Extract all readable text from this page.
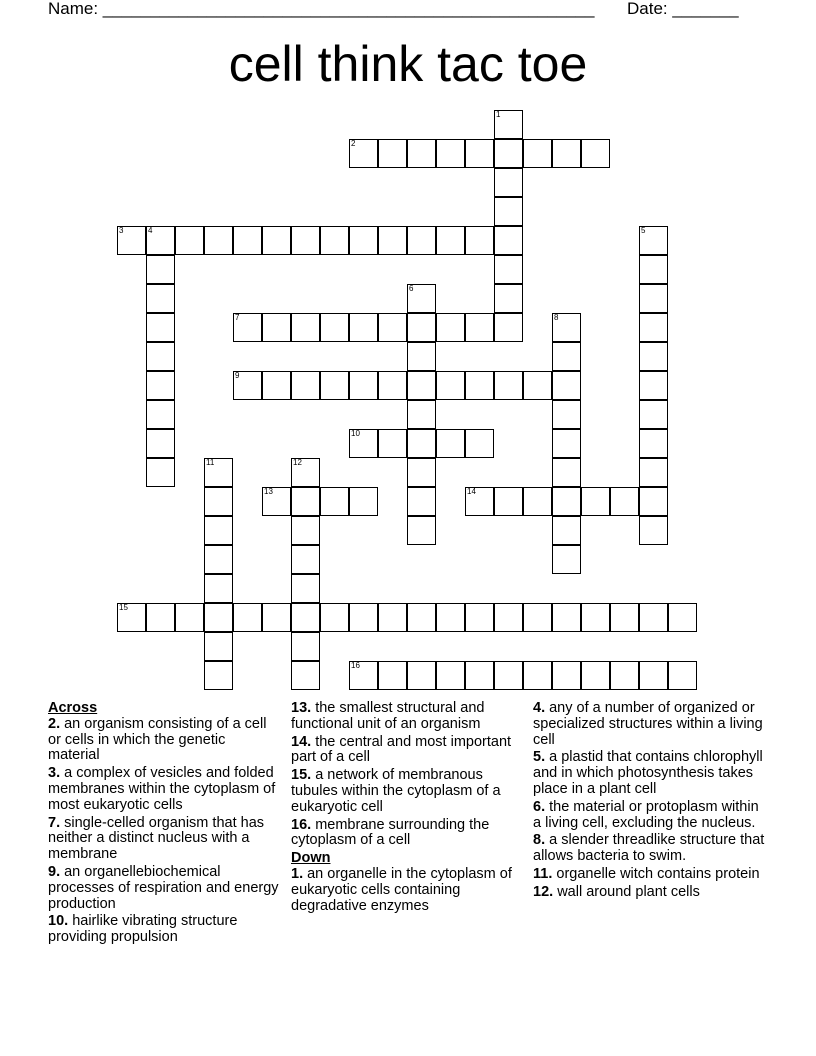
Name: ____________________________________________________ Date: _______
cell think tac toe
1
2
3	4	5
6
7	8
9
10
11	12
13	14
15
16
Across
2. an organism consisting of a cell or cells in which the genetic material
3. a complex of vesicles and folded membranes within the cytoplasm of most eukaryotic cells
7. single-celled organism that has neither a distinct nucleus with a membrane
9. an organellebiochemical processes of respiration and energy production
10. hairlike vibrating structure providing propulsion
13. the smallest structural and functional unit of an organism
14. the central and most important part of a cell
15. a network of membranous tubules within the cytoplasm of a eukaryotic cell
16. membrane surrounding the cytoplasm of a cell
Down
1. an organelle in the cytoplasm of eukaryotic cells containing degradative enzymes
4. any of a number of organized or specialized structures within a living cell
5. a plastid that contains chlorophyll and in which photosynthesis takes place in a plant cell
6. the material or protoplasm within a living cell, excluding the nucleus.
8. a slender threadlike structure that allows bacteria to swim.
11. organelle witch contains protein
12. wall around plant cells
